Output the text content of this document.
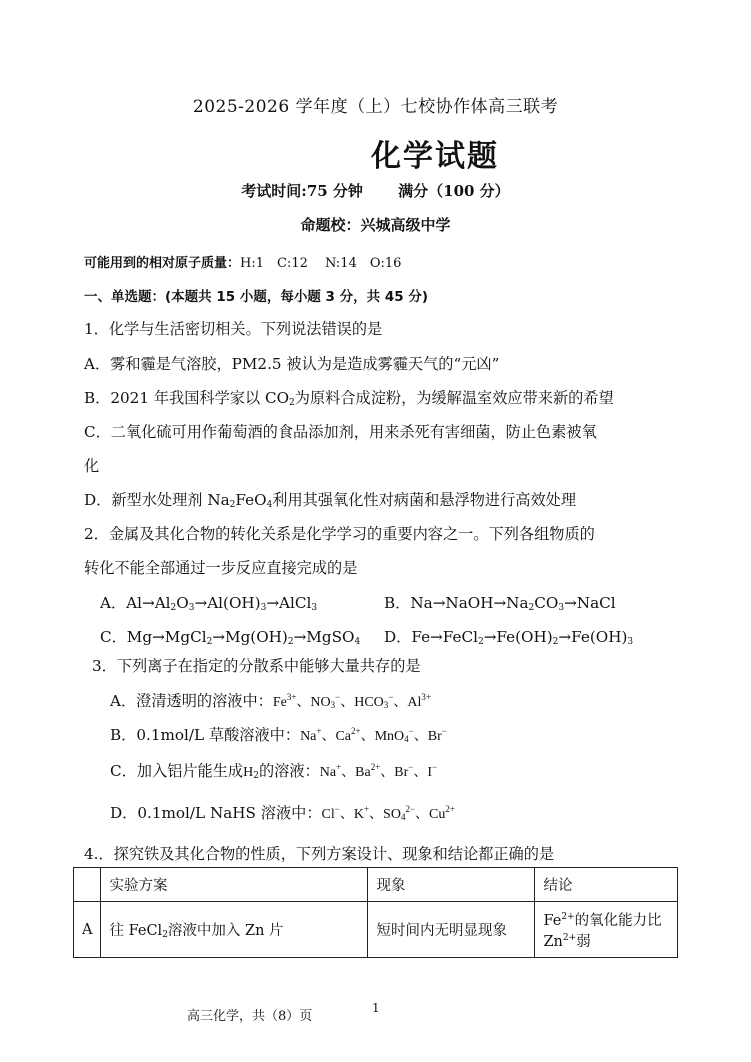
2025-2026 学年度（上）七校协作体高三联考
化学试题
考试时间:75 分钟　　 满分（100 分）
命题校：兴城高级中学
可能用到的相对原子质量：H:1　C:12　 N:14　O:16
一、单选题：(本题共 15 小题，每小题 3 分，共 45 分)
1．化学与生活密切相关。下列说法错误的是
A．雾和霾是气溶胶，PM2.5 被认为是造成雾霾天气的“元凶”
B．2021 年我国科学家以 $CO_2$为原料合成淀粉，为缓解温室效应带来新的希望
C．二氧化硫可用作葡萄酒的食品添加剂，用来杀死有害细菌，防止色素被氧
化
D．新型水处理剂 $Na_2FeO_4$利用其强氧化性对病菌和悬浮物进行高效处理
2．金属及其化合物的转化关系是化学学习的重要内容之一。下列各组物质的
转化不能全部通过一步反应直接完成的是
A．$Al\to Al_2O_3\to Al(OH)_3\to AlCl_3$	B．$Na\to NaOH\to Na_2CO_3\to NaCl$
C．$Mg\to MgCl_2\to Mg(OH)_2\to MgSO_4$ D．$Fe\to FeCl_2\to Fe(OH)_2\to Fe(OH)_3$
3．下列离子在指定的分散系中能够大量共存的是
A．澄清透明的溶液中：$Fe^{3+}$、$NO_3^-$、$HCO_3^-$、$Al^{3+}$
B．0.1mol/L 草酸溶液中：Na+、$Ca^{2+}$、MnO$_4$−、Br−
C．加入铝片能生成$H_2$的溶液：Na+、$Ba^{2+}$、Br−、I−
D．0.1mol/L NaHS 溶液中：Cl−、K+、$SO_4^{2-}$、$Cu^{2+}$
4.．探究铁及其化合物的性质，下列方案设计、现象和结论都正确的是
	实验方案	现象	结论
A	往 FeCl$_2$溶液中加入 Zn 片	短时间内无明显现象	$Fe^{2+}$的氧化能力比 $Zn^{2+}$弱
高三化学，共（8）页
1
